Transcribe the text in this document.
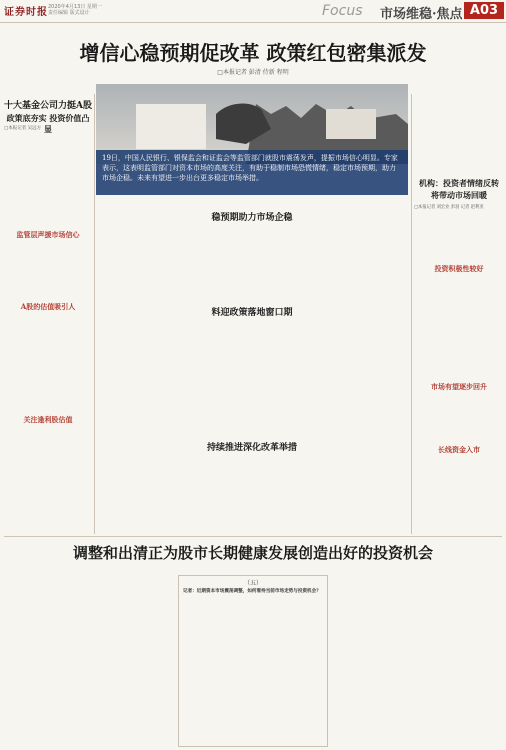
证券时报 2020年4月13日 星期一
责任编辑 版式设计	Focus 市场维稳·焦点 A03
增信心稳预期促改革 政策红包密集派发
□本报记者 彭清 侍新 程明
19日，中国人民银行、银保监会和证监会等监管部门就股市震荡发声，提振市场信心明显。专家表示，这表明监管部门对资本市场的高度关注，有助于稳制市场恐慌情绪，稳定市场预期，助力市场企稳。未来有望进一步出台更多稳定市场举措。
十大基金公司力挺A股
政策底夯实 投资价值凸显
□本报记者 吴远方
监管层声援市场信心
A股的估值吸引人
关注逢利股估值
稳预期助力市场企稳
料迎政策落地窗口期
持续推进深化改革举措
机构：投资者情绪反转
将带动市场回暖
□本报记者 刘宏业 彭羽 记者 赵利亚
投资积极性较好
市场有望逐步回升
长线资金入市
调整和出清正为股市长期健康发展创造出好的投资机会
（五）
记者：近期资本市场震荡调整，如何看待当前市场走势与投资机会？
